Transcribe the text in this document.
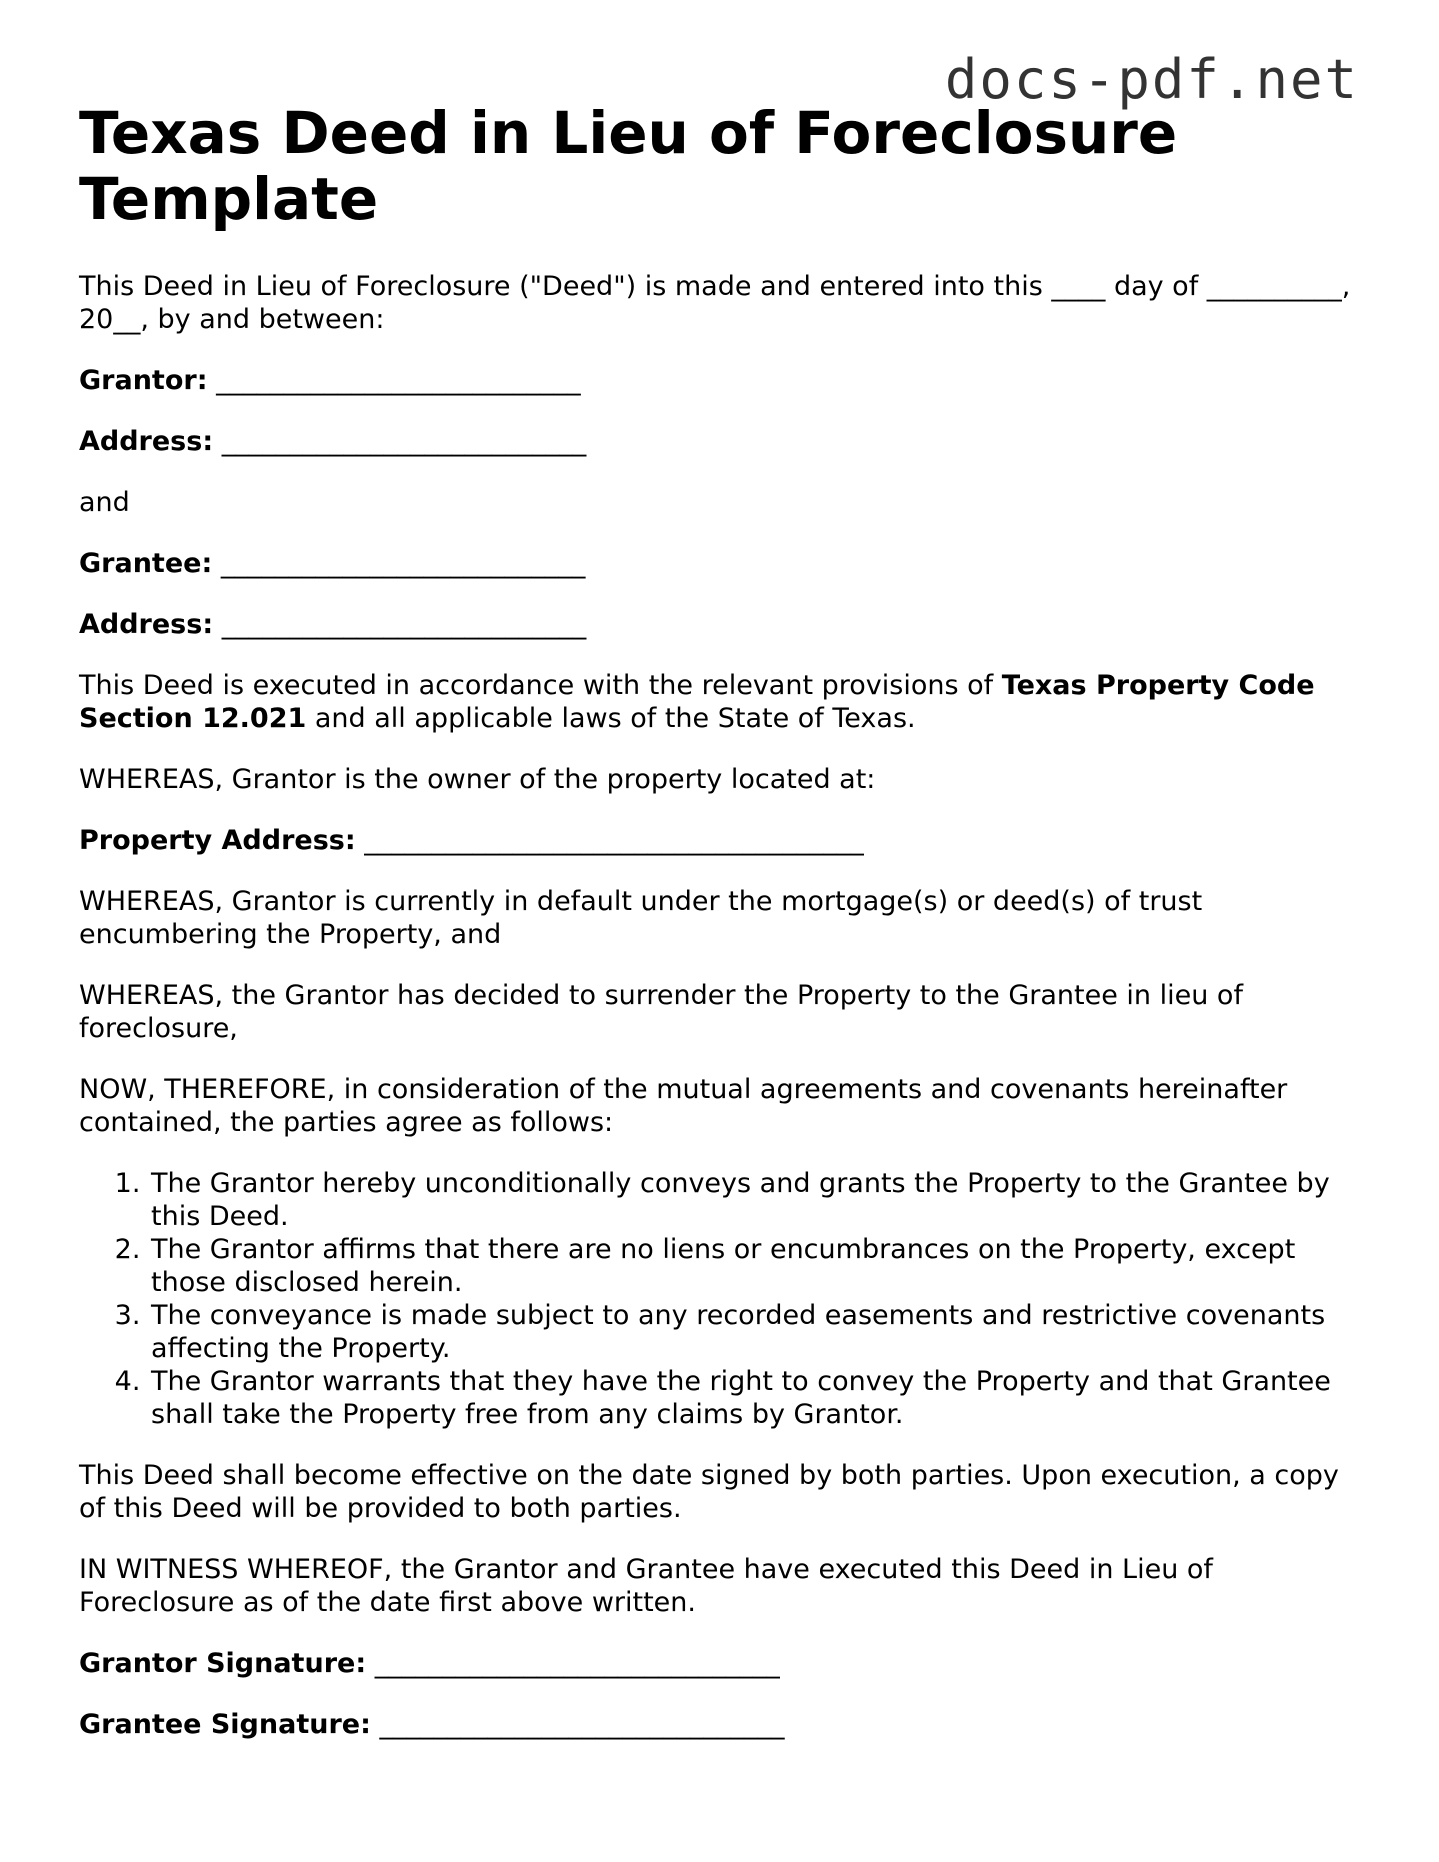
docs-pdf.net
Texas Deed in Lieu of Foreclosure Template

This Deed in Lieu of Foreclosure ("Deed") is made and entered into this ____ day of __________, 20__, by and between:

Grantor: ___________________________

Address: ___________________________

and

Grantee: ___________________________

Address: ___________________________

This Deed is executed in accordance with the relevant provisions of Texas Property Code Section 12.021 and all applicable laws of the State of Texas.

WHEREAS, Grantor is the owner of the property located at:

Property Address: _____________________________________

WHEREAS, Grantor is currently in default under the mortgage(s) or deed(s) of trust encumbering the Property, and

WHEREAS, the Grantor has decided to surrender the Property to the Grantee in lieu of foreclosure,

NOW, THEREFORE, in consideration of the mutual agreements and covenants hereinafter contained, the parties agree as follows:

1. The Grantor hereby unconditionally conveys and grants the Property to the Grantee by this Deed.
2. The Grantor affirms that there are no liens or encumbrances on the Property, except those disclosed herein.
3. The conveyance is made subject to any recorded easements and restrictive covenants affecting the Property.
4. The Grantor warrants that they have the right to convey the Property and that Grantee shall take the Property free from any claims by Grantor.

This Deed shall become effective on the date signed by both parties. Upon execution, a copy of this Deed will be provided to both parties.

IN WITNESS WHEREOF, the Grantor and Grantee have executed this Deed in Lieu of Foreclosure as of the date first above written.

Grantor Signature: ______________________________

Grantee Signature: ______________________________
